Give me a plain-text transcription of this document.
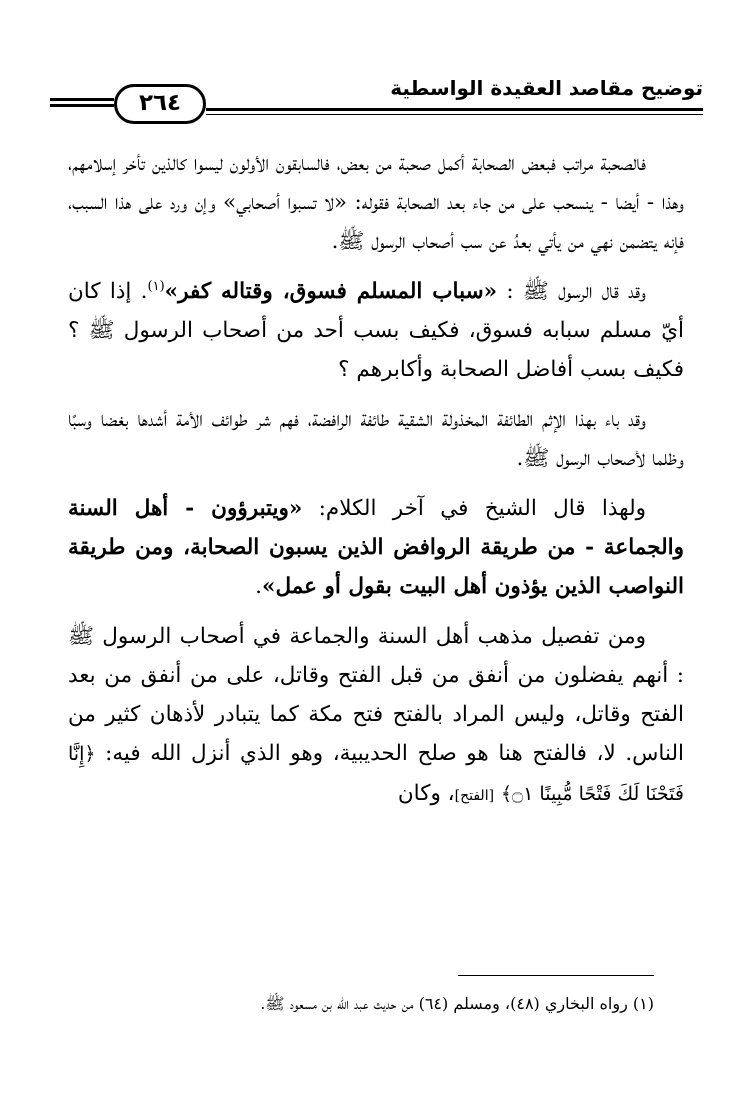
توضيح مقاصد العقيدة الواسطية
٢٦٤

فالصحبة مراتب فبعض الصحابة أكمل صحبة من بعض، فالسابقون الأولون ليسوا كالذين تأخر إسلامهم، وهذا - أيضا - ينسحب على من جاء بعد الصحابة فقوله: «لا تسبوا أصحابي» وإن ورد على هذا السبب، فإنه يتضمن نهي من يأتي بعدُ عن سب أصحاب الرسول ﷺ.

وقد قال الرسول ﷺ : «سباب المسلم فسوق، وقتاله كفر»$^{(١)}$. إذا كان أيّ مسلم سبابه فسوق، فكيف بسب أحد من أصحاب الرسول ﷺ ؟ فكيف بسب أفاضل الصحابة وأكابرهم ؟

وقد باء بهذا الإثم الطائفة المخذولة الشقية طائفة الرافضة، فهم شر طوائف الأمة أشدها بغضا وسبًا وظلما لأصحاب الرسول ﷺ.

ولهذا قال الشيخ في آخر الكلام: «ويتبرؤون - أهل السنة والجماعة - من طريقة الروافض الذين يسبون الصحابة، ومن طريقة النواصب الذين يؤذون أهل البيت بقول أو عمل».

ومن تفصيل مذهب أهل السنة والجماعة في أصحاب الرسول ﷺ : أنهم يفضلون من أنفق من قبل الفتح وقاتل، على من أنفق من بعد الفتح وقاتل، وليس المراد بالفتح فتح مكة كما يتبادر لأذهان كثير من الناس. لا، فالفتح هنا هو صلح الحديبية، وهو الذي أنزل الله فيه: ﴿إِنَّا فَتَحْنَا لَكَ فَتْحًا مُّبِينًا ۝١﴾ [الفتح]، وكان

(١) رواه البخاري (٤٨)، ومسلم (٦٤) من حديث عبد الله بن مسعود ﷺ.
